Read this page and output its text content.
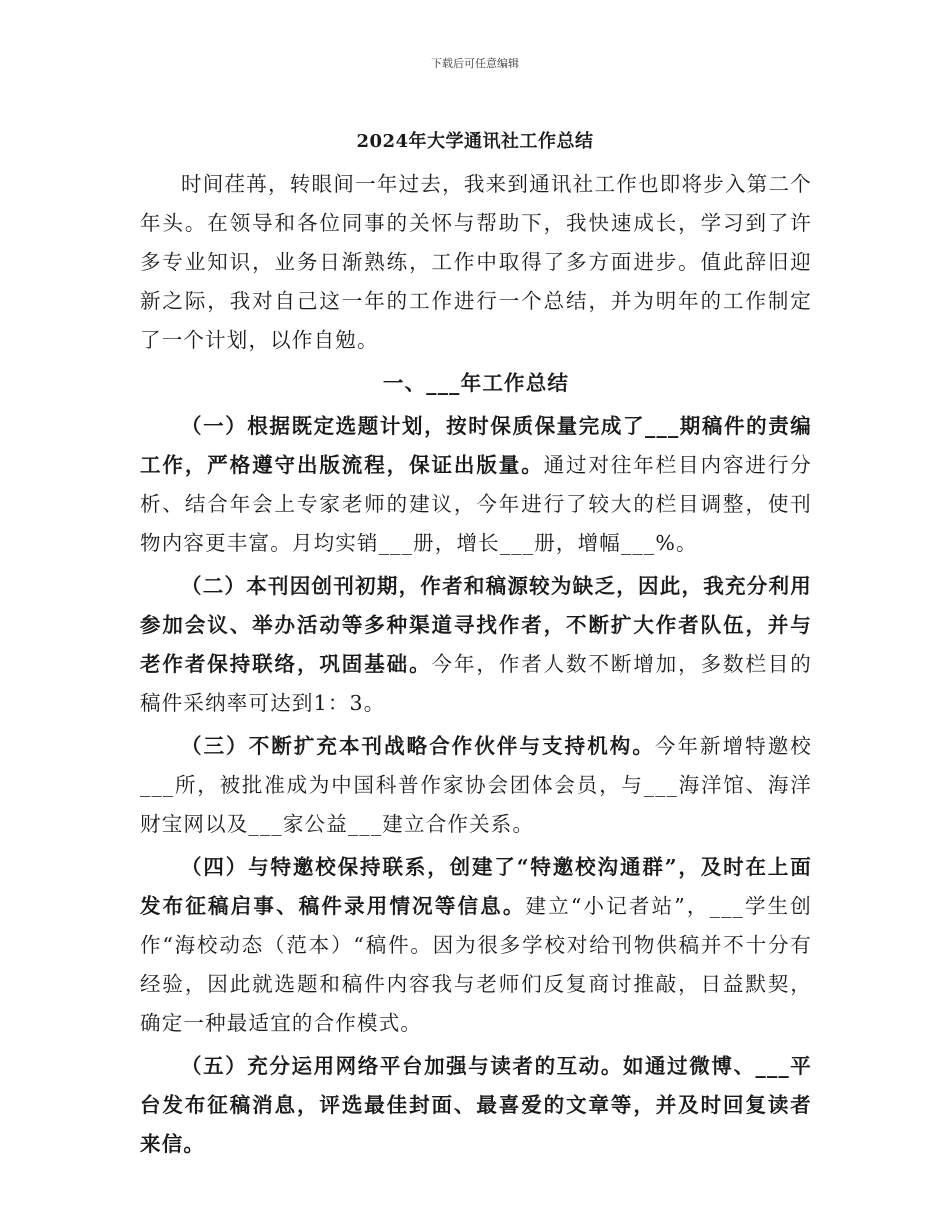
下载后可任意编辑
2024年大学通讯社工作总结

时间荏苒，转眼间一年过去，我来到通讯社工作也即将步入第二个年头。在领导和各位同事的关怀与帮助下，我快速成长，学习到了许多专业知识，业务日渐熟练，工作中取得了多方面进步。值此辞旧迎新之际，我对自己这一年的工作进行一个总结，并为明年的工作制定了一个计划，以作自勉。

一、___年工作总结

（一）根据既定选题计划，按时保质保量完成了___期稿件的责编工作，严格遵守出版流程，保证出版量。通过对往年栏目内容进行分析、结合年会上专家老师的建议，今年进行了较大的栏目调整，使刊物内容更丰富。月均实销___册，增长___册，增幅___%。

（二）本刊因创刊初期，作者和稿源较为缺乏，因此，我充分利用参加会议、举办活动等多种渠道寻找作者，不断扩大作者队伍，并与老作者保持联络，巩固基础。今年，作者人数不断增加，多数栏目的稿件采纳率可达到1：3。

（三）不断扩充本刊战略合作伙伴与支持机构。今年新增特邀校___所，被批准成为中国科普作家协会团体会员，与___海洋馆、海洋财宝网以及___家公益___建立合作关系。

（四）与特邀校保持联系，创建了“特邀校沟通群”，及时在上面发布征稿启事、稿件录用情况等信息。建立“小记者站”，___学生创作“海校动态（范本）“稿件。因为很多学校对给刊物供稿并不十分有经验，因此就选题和稿件内容我与老师们反复商讨推敲，日益默契，确定一种最适宜的合作模式。

（五）充分运用网络平台加强与读者的互动。如通过微博、___平台发布征稿消息，评选最佳封面、最喜爱的文章等，并及时回复读者来信。
